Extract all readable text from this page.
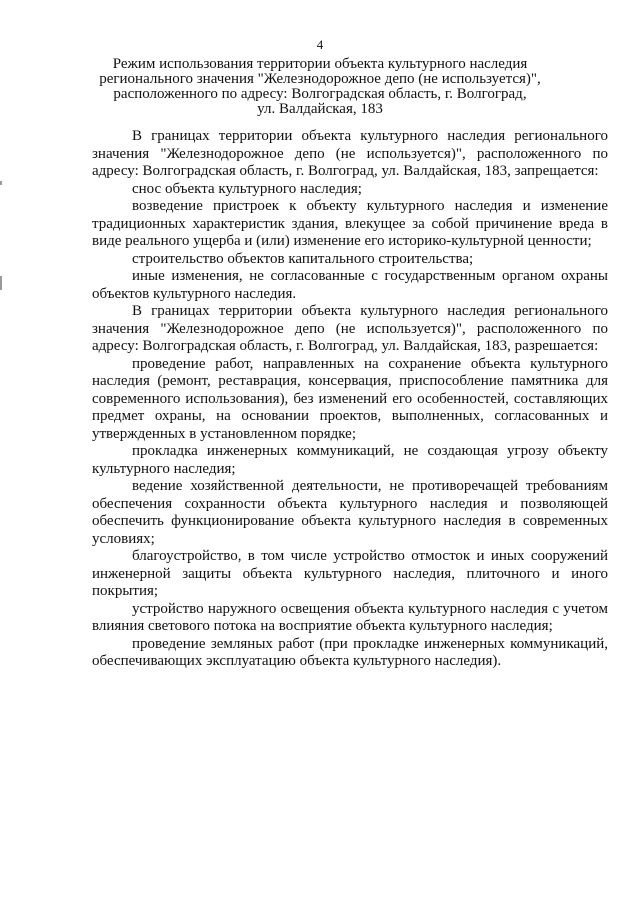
4
Режим использования территории объекта культурного наследия
регионального значения "Железнодорожное депо (не используется)",
расположенного по адресу: Волгоградская область, г. Волгоград,
ул. Валдайская, 183

В границах территории объекта культурного наследия регионального значения "Железнодорожное депо (не используется)", расположенного по адресу: Волгоградская область, г. Волгоград, ул. Валдайская, 183, запрещается:

снос объекта культурного наследия;

возведение пристроек к объекту культурного наследия и изменение традиционных характеристик здания, влекущее за собой причинение вреда в виде реального ущерба и (или) изменение его историко-культурной ценности;

строительство объектов капитального строительства;

иные изменения, не согласованные с государственным органом охраны объектов культурного наследия.

В границах территории объекта культурного наследия регионального значения "Железнодорожное депо (не используется)", расположенного по адресу: Волгоградская область, г. Волгоград, ул. Валдайская, 183, разрешается:

проведение работ, направленных на сохранение объекта культурного наследия (ремонт, реставрация, консервация, приспособление памятника для современного использования), без изменений его особенностей, составляющих предмет охраны, на основании проектов, выполненных, согласованных и утвержденных в установленном порядке;

прокладка инженерных коммуникаций, не создающая угрозу объекту культурного наследия;

ведение хозяйственной деятельности, не противоречащей требованиям обеспечения сохранности объекта культурного наследия и позволяющей обеспечить функционирование объекта культурного наследия в современных условиях;

благоустройство, в том числе устройство отмосток и иных сооружений инженерной защиты объекта культурного наследия, плиточного и иного покрытия;

устройство наружного освещения объекта культурного наследия с учетом влияния светового потока на восприятие объекта культурного наследия;

проведение земляных работ (при прокладке инженерных коммуникаций, обеспечивающих эксплуатацию объекта культурного наследия).
